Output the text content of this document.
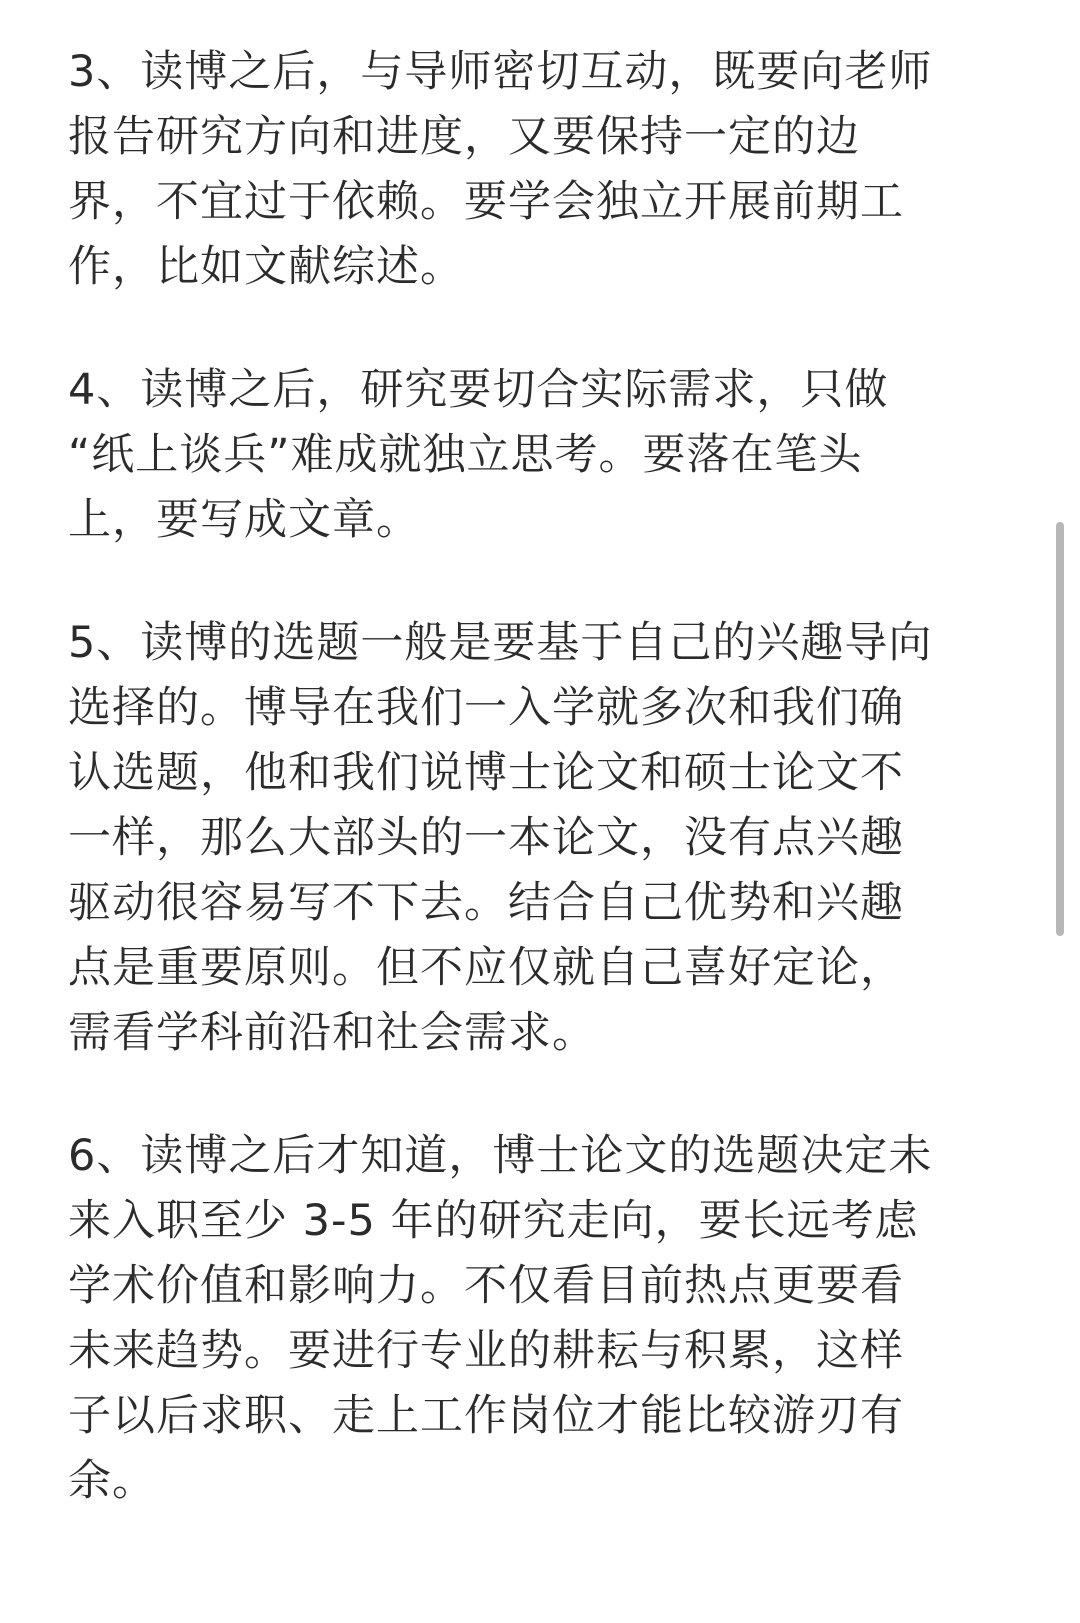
3、读博之后，与导师密切互动，既要向老师
报告研究方向和进度，又要保持一定的边
界，不宜过于依赖。要学会独立开展前期工
作，比如文献综述。
4、读博之后，研究要切合实际需求，只做
“纸上谈兵”难成就独立思考。要落在笔头
上，要写成文章。
5、读博的选题一般是要基于自己的兴趣导向
选择的。博导在我们一入学就多次和我们确
认选题，他和我们说博士论文和硕士论文不
一样，那么大部头的一本论文，没有点兴趣
驱动很容易写不下去。结合自己优势和兴趣
点是重要原则。但不应仅就自己喜好定论，
需看学科前沿和社会需求。
6、读博之后才知道，博士论文的选题决定未
来入职至少 3-5 年的研究走向，要长远考虑
学术价值和影响力。不仅看目前热点更要看
未来趋势。要进行专业的耕耘与积累，这样
子以后求职、走上工作岗位才能比较游刃有
余。
